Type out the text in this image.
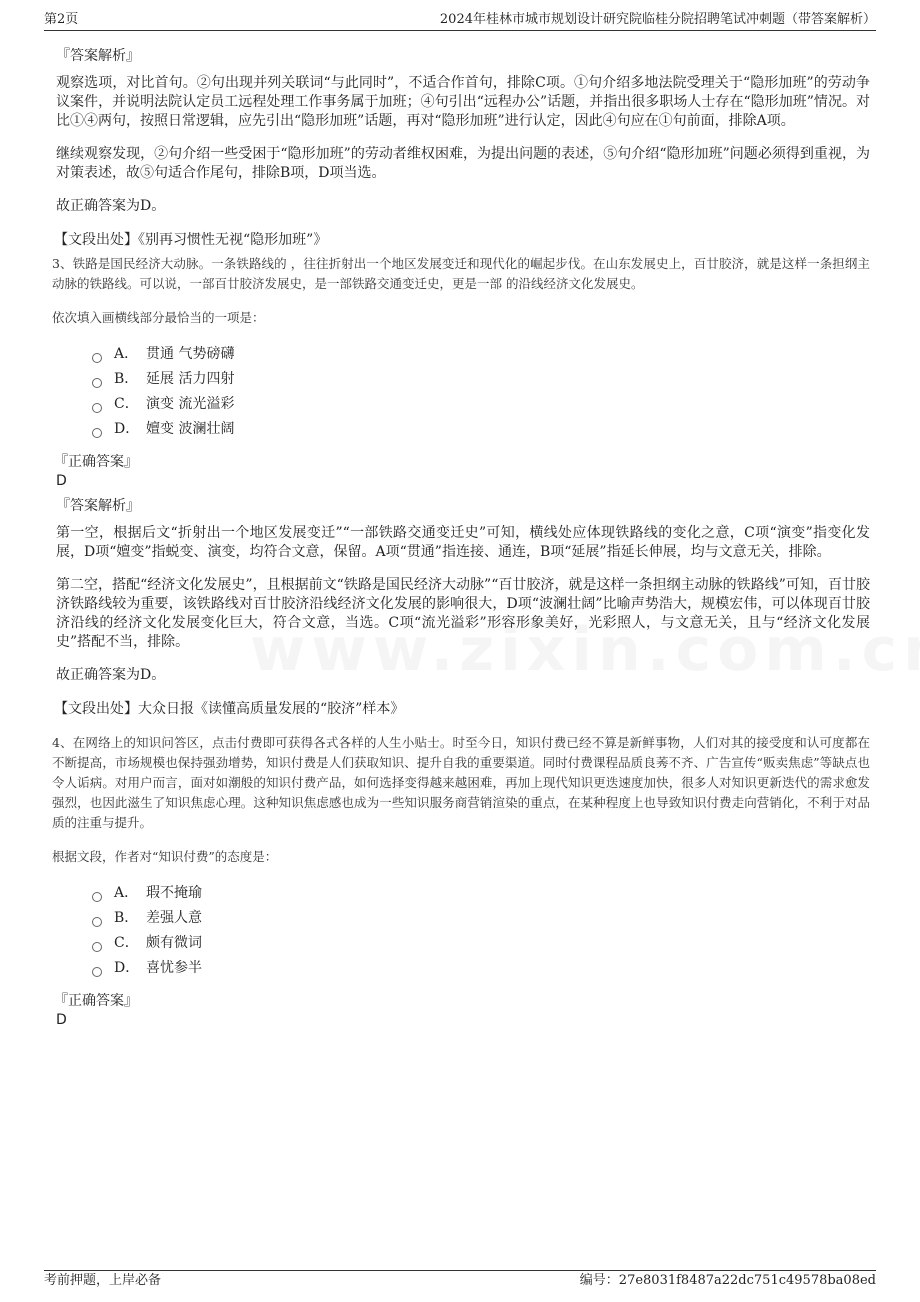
第2页	2024年桂林市城市规划设计研究院临桂分院招聘笔试冲刺题（带答案解析）
『答案解析』

观察选项，对比首句。②句出现并列关联词“与此同时”，不适合作首句，排除C项。①句介绍多地法院受理关于“隐形加班”的劳动争议案件，并说明法院认定员工远程处理工作事务属于加班；④句引出“远程办公”话题，并指出很多职场人士存在“隐形加班”情况。对比①④两句，按照日常逻辑，应先引出“隐形加班”话题，再对“隐形加班”进行认定，因此④句应在①句前面，排除A项。

继续观察发现，②句介绍一些受困于“隐形加班”的劳动者维权困难，为提出问题的表述，⑤句介绍“隐形加班”问题必须得到重视，为对策表述，故⑤句适合作尾句，排除B项，D项当选。

故正确答案为D。

【文段出处】《别再习惯性无视“隐形加班”》

3、铁路是国民经济大动脉。一条铁路线的 ，往往折射出一个地区发展变迁和现代化的崛起步伐。在山东发展史上，百廿胶济，就是这样一条担纲主动脉的铁路线。可以说，一部百廿胶济发展史，是一部铁路交通变迁史，更是一部 的沿线经济文化发展史。

依次填入画横线部分最恰当的一项是：

A． 贯通 气势磅礴
B． 延展 活力四射
C． 演变 流光溢彩
D． 嬗变 波澜壮阔
『正确答案』
D
『答案解析』

第一空，根据后文“折射出一个地区发展变迁”“一部铁路交通变迁史”可知，横线处应体现铁路线的变化之意，C项“演变”指变化发展，D项“嬗变”指蜕变、演变，均符合文意，保留。A项“贯通”指连接、通连，B项“延展”指延长伸展，均与文意无关，排除。

第二空，搭配“经济文化发展史”，且根据前文“铁路是国民经济大动脉”“百廿胶济，就是这样一条担纲主动脉的铁路线”可知，百廿胶济铁路线较为重要，该铁路线对百廿胶济沿线经济文化发展的影响很大，D项“波澜壮阔”比喻声势浩大，规模宏伟，可以体现百廿胶济沿线的经济文化发展变化巨大，符合文意，当选。C项“流光溢彩”形容形象美好，光彩照人，与文意无关，且与“经济文化发展史”搭配不当，排除。

故正确答案为D。

【文段出处】大众日报《读懂高质量发展的“胶济”样本》

4、在网络上的知识问答区，点击付费即可获得各式各样的人生小贴士。时至今日，知识付费已经不算是新鲜事物，人们对其的接受度和认可度都在不断提高，市场规模也保持强劲增势，知识付费是人们获取知识、提升自我的重要渠道。同时付费课程品质良莠不齐、广告宣传“贩卖焦虑”等缺点也令人诟病。对用户而言，面对如潮般的知识付费产品，如何选择变得越来越困难，再加上现代知识更迭速度加快，很多人对知识更新迭代的需求愈发强烈，也因此滋生了知识焦虑心理。这种知识焦虑感也成为一些知识服务商营销渲染的重点，在某种程度上也导致知识付费走向营销化，不利于对品质的注重与提升。

根据文段，作者对“知识付费”的态度是：

A． 瑕不掩瑜
B． 差强人意
C． 颇有微词
D． 喜忧参半
『正确答案』
D
考前押题，上岸必备	编号：27e8031f8487a22dc751c49578ba08ed
